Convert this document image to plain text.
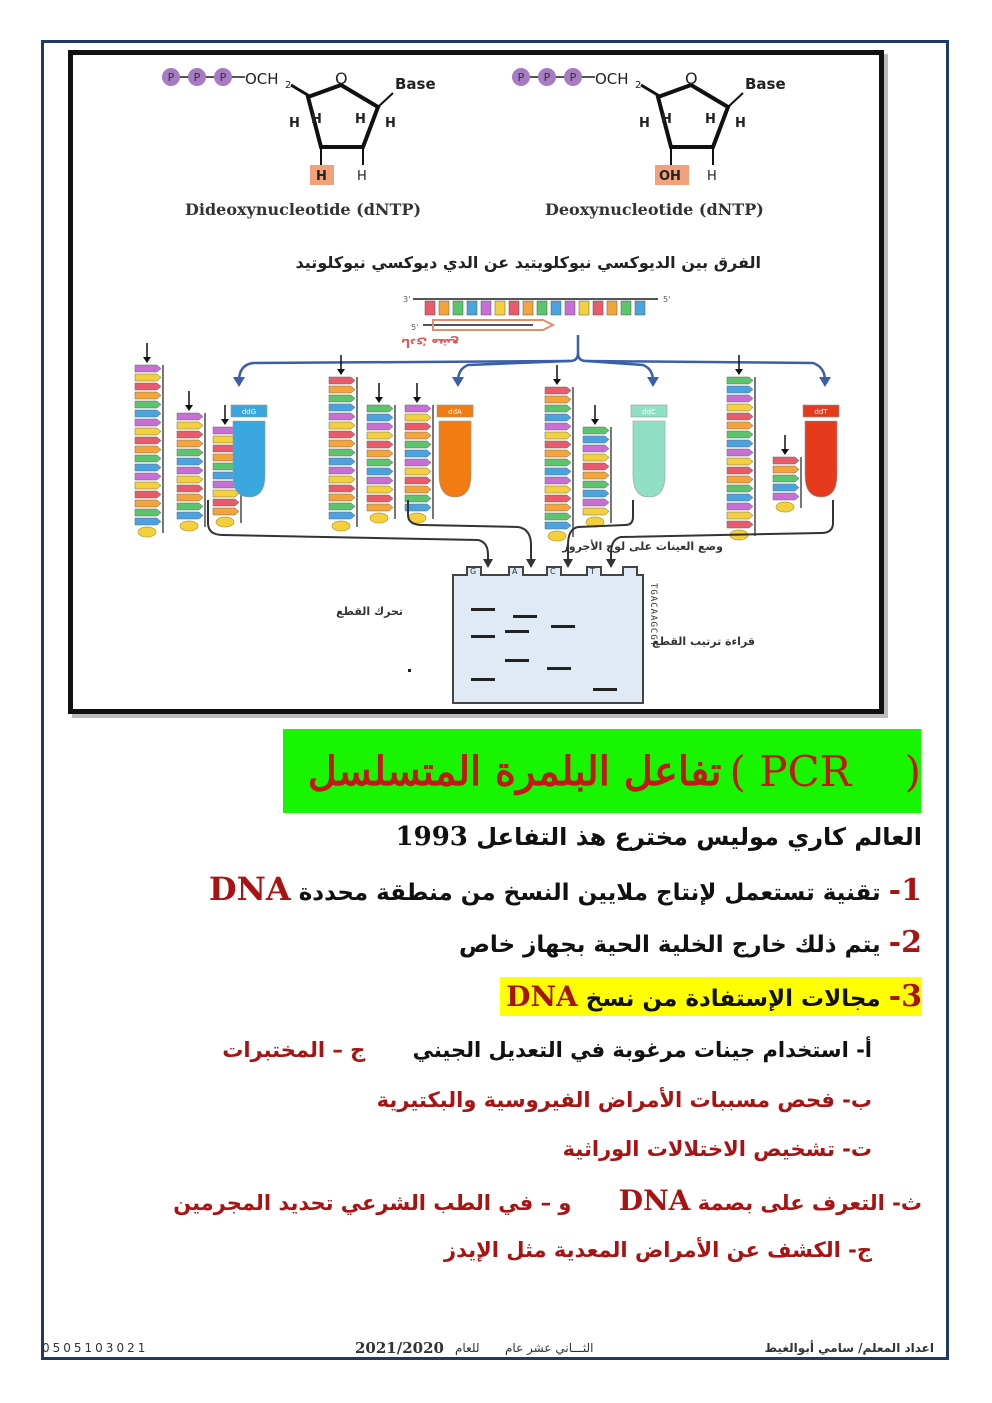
P P P OCH 2	O	Base
H H	H H
H H
Dideoxynucleotide (dNTP)
P P P OCH 2	O	Base
H H	H H
OH H
Deoxynucleotide (dNTP)
الفرق بين الديوكسي نيوكلويتيد عن الدي ديوكسي نيوكلوتيد
3'	5'
5'
بادئ مشع
ddG	ddA	ddC	ddT
وضع العينات على لوح الأجروز
تحرك القطع
قراءة ترتيب القطع
G	A	C	T
TGACAAGCGT
تفاعل البلمرة المتسلسل ( PCR    )
العالم كاري موليس مخترع هذ التفاعل 1993
1- تقنية تستعمل لإنتاج ملايين النسخ من منطقة محددة DNA
2- يتم ذلك خارج الخلية الحية بجهاز خاص
3- مجالات الإستفادة من نسخ DNA
أ- استخدام جينات مرغوبة في التعديل الجيني ج – المختبرات
ب- فحص مسببات الأمراض الفيروسية والبكتيرية
ت- تشخيص الاختلالات الوراثية
ث- التعرف على بصمة DNA و – في الطب الشرعي تحديد المجرمين
ج- الكشف عن الأمراض المعدية مثل الإيدز
اعداد المعلم/ سامي أبوالغيط
الثـــاني عشر عام
للعام
2021/2020
0505103021
